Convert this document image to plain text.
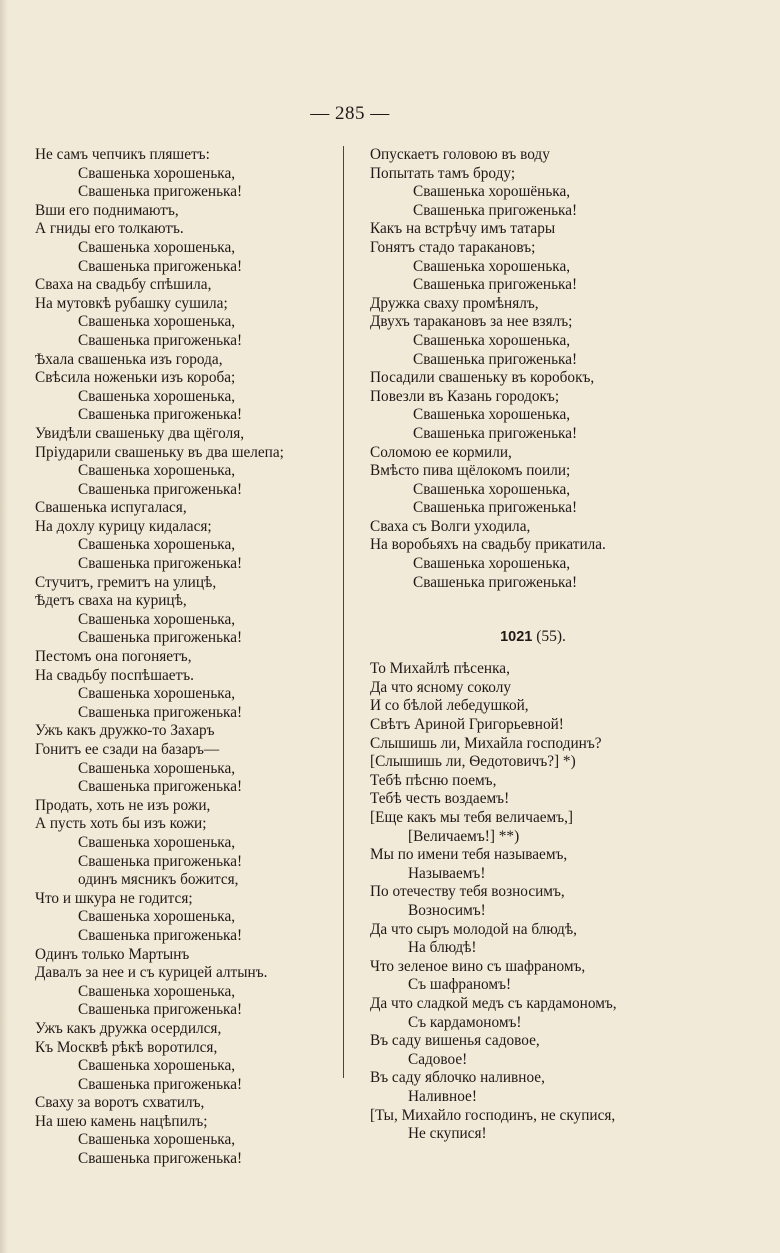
— 285 —
Не самъ чепчикъ пляшетъ:
Свашенька хорошенька,
Свашенька пригоженька!
Вши его поднимаютъ,
А гниды его толкаютъ.
Свашенька хорошенька,
Свашенька пригоженька!
Сваха на свадьбу спѣшила,
На мутовкѣ рубашку сушила;
Свашенька хорошенька,
Свашенька пригоженька!
Ѣхала свашенька изъ города,
Свѣсила ноженьки изъ короба;
Свашенька хорошенька,
Свашенька пригоженька!
Увидѣли свашеньку два щёголя,
Прiударили свашеньку въ два шелепа;
Свашенька хорошенька,
Свашенька пригоженька!
Свашенька испугалася,
На дохлу курицу кидалася;
Свашенька хорошенька,
Свашенька пригоженька!
Стучитъ, гремитъ на улицѣ,
Ѣдетъ сваха на курицѣ,
Свашенька хорошенька,
Свашенька пригоженька!
Пестомъ она погоняетъ,
На свадьбу поспѣшаетъ.
Свашенька хорошенька,
Свашенька пригоженька!
Ужъ какъ дружко-то Захаръ
Гонитъ ее сзади на базаръ—
Свашенька хорошенька,
Свашенька пригоженька!
Продать, хоть не изъ рожи,
А пусть хоть бы изъ кожи;
Свашенька хорошенька,
Свашенька пригоженька!
одинъ мясникъ божится,
Что и шкура не годится;
Свашенька хорошенька,
Свашенька пригоженька!
Одинъ только Мартынъ
Давалъ за нее и съ курицей алтынъ.
Свашенька хорошенька,
Свашенька пригоженька!
Ужъ какъ дружка осердился,
Къ Москвѣ рѣкѣ воротился,
Свашенька хорошенька,
Свашенька пригоженька!
Сваху за воротъ схватилъ,
На шею камень нацѣпилъ;
Свашенька хорошенька,
Свашенька пригоженька!
Опускаетъ головою въ воду
Попытать тамъ броду;
Свашенька хорошёнька,
Свашенька пригоженька!
Какъ на встрѣчу имъ татары
Гонятъ стадо таракановъ;
Свашенька хорошенька,
Свашенька пригоженька!
Дружка сваху промѣнялъ,
Двухъ таракановъ за нее взялъ;
Свашенька хорошенька,
Свашенька пригоженька!
Посадили свашеньку въ коробокъ,
Повезли въ Казань городокъ;
Свашенька хорошенька,
Свашенька пригоженька!
Соломою ее кормили,
Вмѣсто пива щёлокомъ поили;
Свашенька хорошенька,
Свашенька пригоженька!
Сваха съ Волги уходила,
На воробьяхъ на свадьбу прикатила.
Свашенька хорошенька,
Свашенька пригоженька!
1021 (55).
То Михайлѣ пѣсенка,
Да что ясному соколу
И со бѣлой лебедушкой,
Свѣтъ Ариной Григорьевной!
Слышишь ли, Михайла господинъ?
[Слышишь ли, Ѳедотовичъ?] *)
Тебѣ пѣсню поемъ,
Тебѣ честь воздаемъ!
[Еще какъ мы тебя величаемъ,]
[Величаемъ!] **)
Мы по имени тебя называемъ,
Называемъ!
По отечеству тебя возносимъ,
Возносимъ!
Да что сыръ молодой на блюдѣ,
На блюдѣ!
Что зеленое вино съ шафраномъ,
Съ шафраномъ!
Да что сладкой медъ съ кардамономъ,
Съ кардамономъ!
Въ саду вишенья садовое,
Садовое!
Въ саду яблочко наливное,
Наливное!
[Ты, Михайло господинъ, не скупися,
Не скупися!
